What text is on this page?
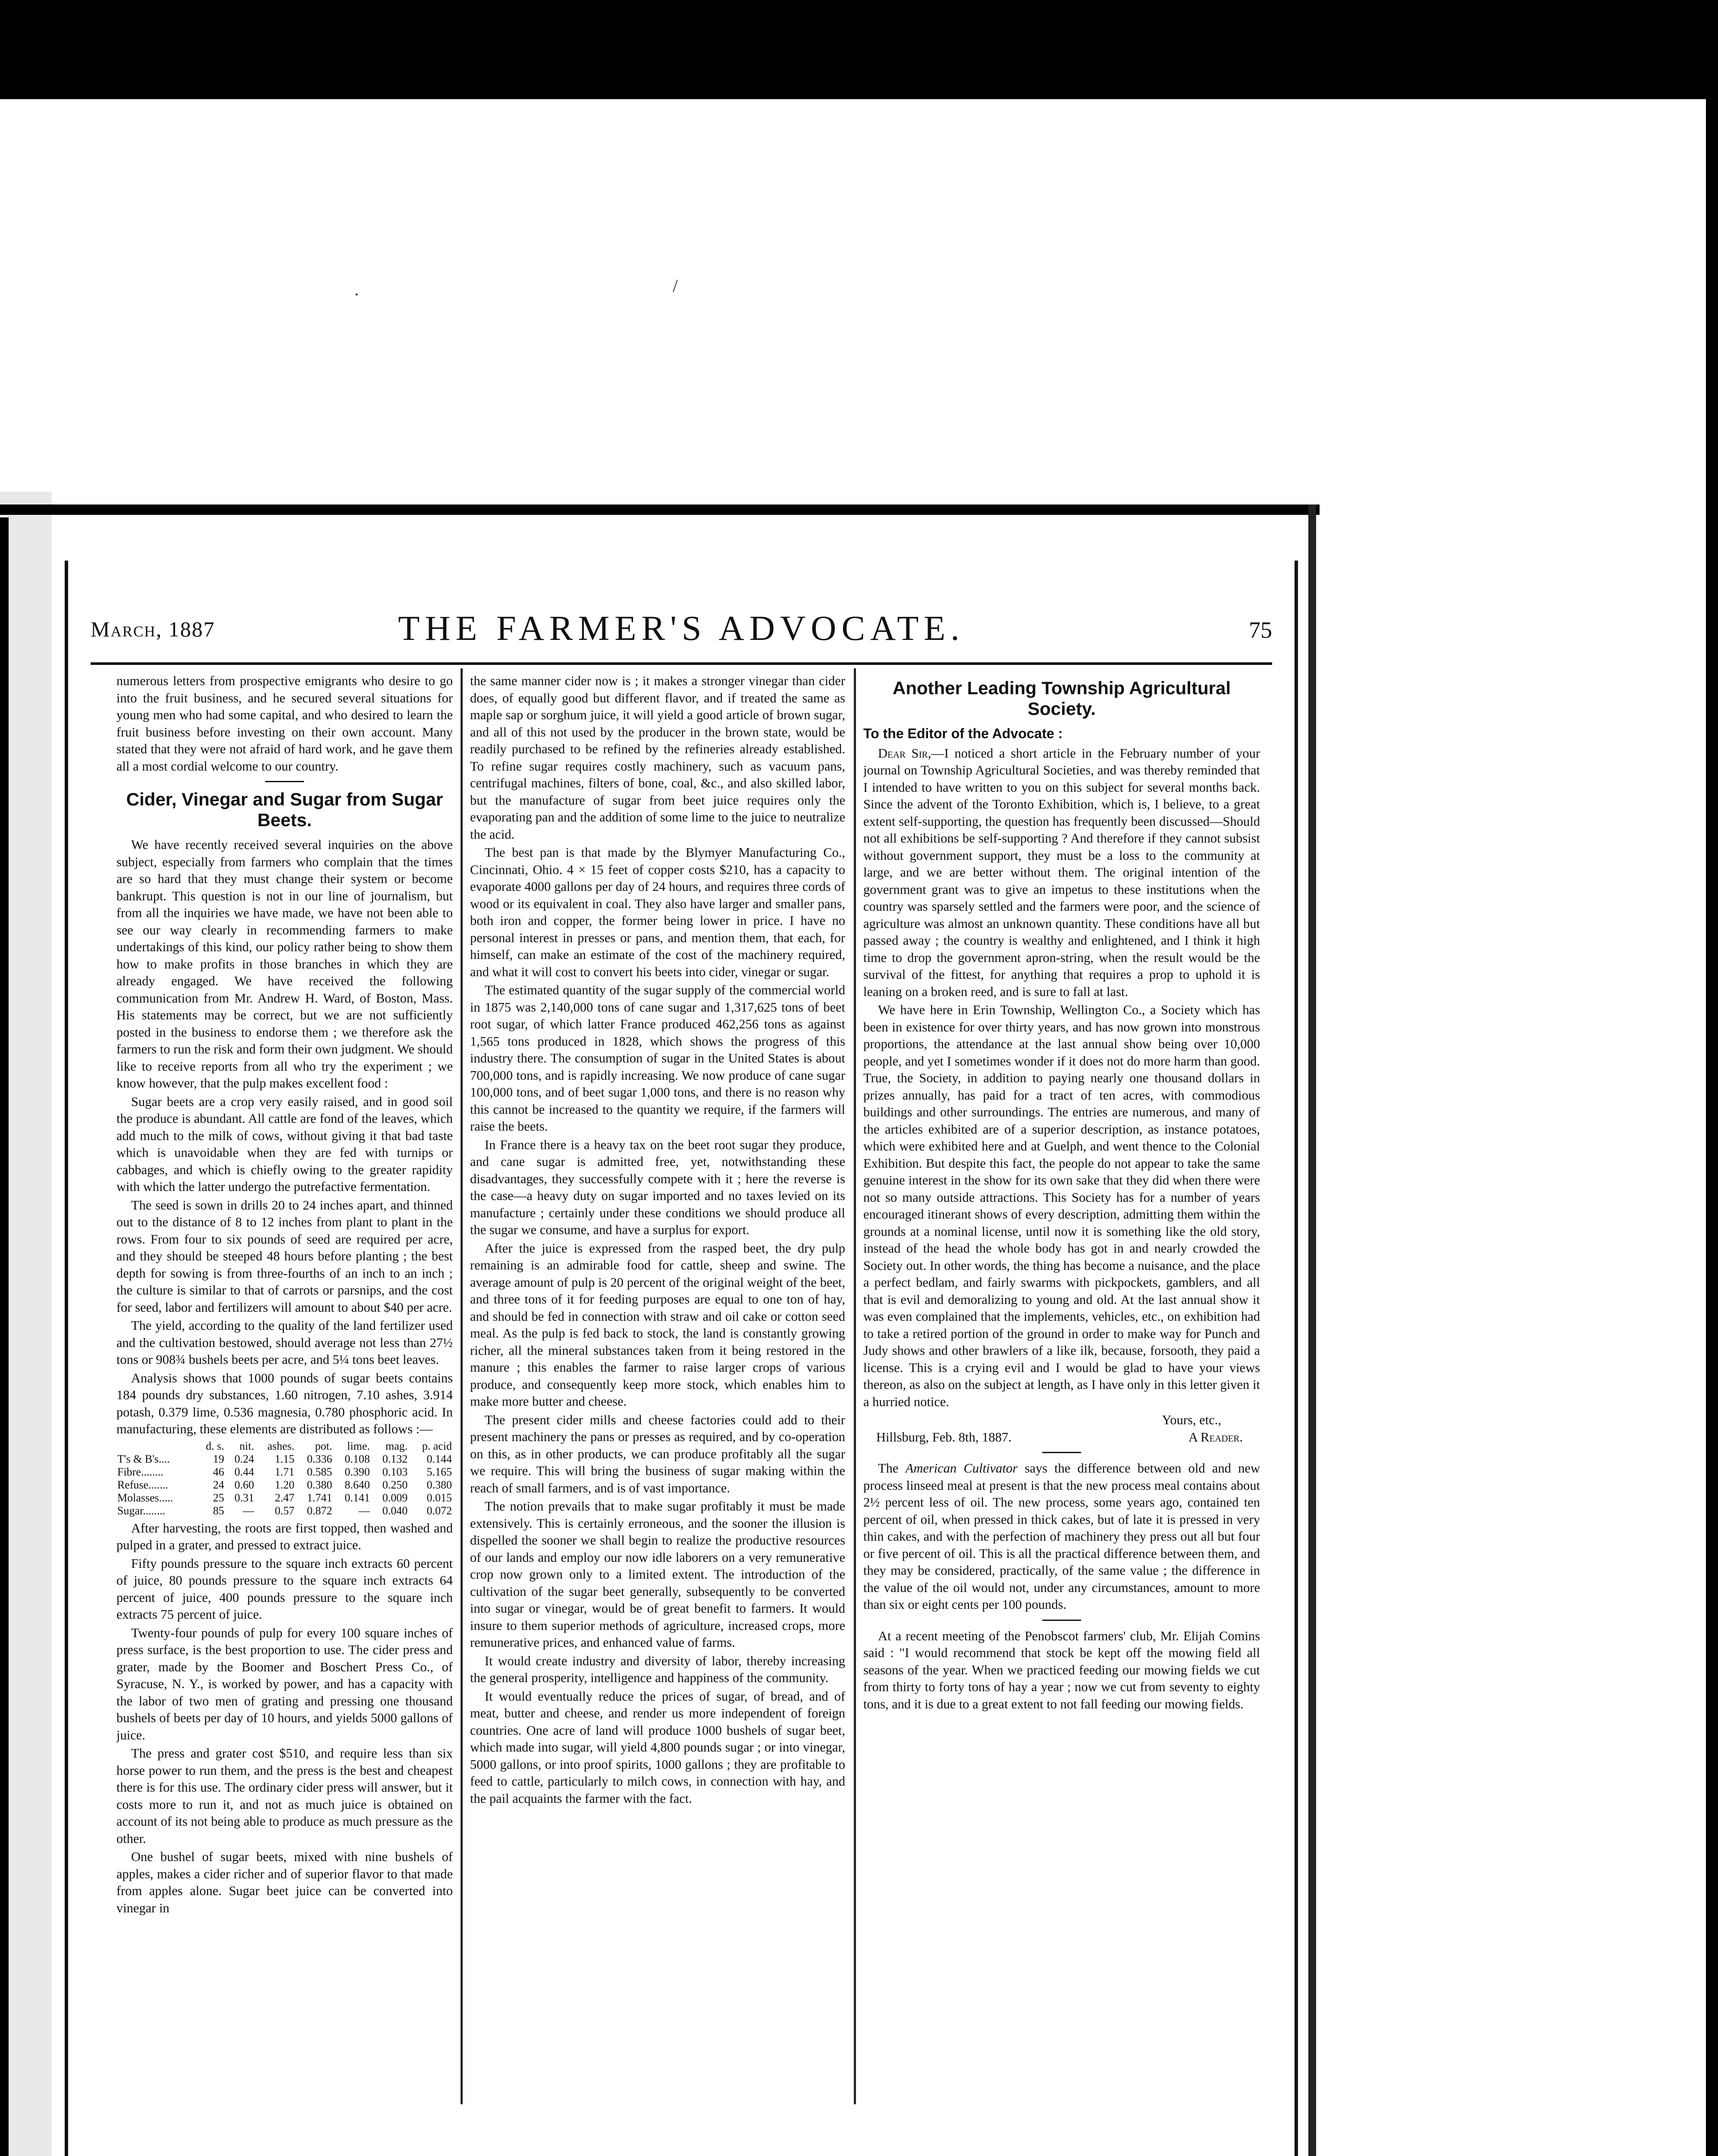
·	/
THE FARMER'S ADVOCATE.
March, 1887	75

numerous letters from prospective emigrants who desire to go into the fruit business, and he secured several situations for young men who had some capital, and who desired to learn the fruit business before investing on their own account. Many stated that they were not afraid of hard work, and he gave them all a most cordial welcome to our country.

Cider, Vinegar and Sugar from Sugar Beets.

We have recently received several inquiries on the above subject, especially from farmers who complain that the times are so hard that they must change their system or become bankrupt. This question is not in our line of journalism, but from all the inquiries we have made, we have not been able to see our way clearly in recommending farmers to make undertakings of this kind, our policy rather being to show them how to make profits in those branches in which they are already engaged. We have received the following communication from Mr. Andrew H. Ward, of Boston, Mass. His statements may be correct, but we are not sufficiently posted in the business to endorse them ; we therefore ask the farmers to run the risk and form their own judgment. We should like to receive reports from all who try the experiment ; we know however, that the pulp makes excellent food :

Sugar beets are a crop very easily raised, and in good soil the produce is abundant. All cattle are fond of the leaves, which add much to the milk of cows, without giving it that bad taste which is unavoidable when they are fed with turnips or cabbages, and which is chiefly owing to the greater rapidity with which the latter undergo the putrefactive fermentation.

The seed is sown in drills 20 to 24 inches apart, and thinned out to the distance of 8 to 12 inches from plant to plant in the rows. From four to six pounds of seed are required per acre, and they should be steeped 48 hours before planting ; the best depth for sowing is from three-fourths of an inch to an inch ; the culture is similar to that of carrots or parsnips, and the cost for seed, labor and fertilizers will amount to about $40 per acre.

The yield, according to the quality of the land fertilizer used and the cultivation bestowed, should average not less than 27½ tons or 908¾ bushels beets per acre, and 5¼ tons beet leaves.

Analysis shows that 1000 pounds of sugar beets contains 184 pounds dry substances, 1.60 nitrogen, 7.10 ashes, 3.914 potash, 0.379 lime, 0.536 magnesia, 0.780 phosphoric acid. In manufacturing, these elements are distributed as follows :—

	d. s.	nit.	ashes.	pot.	lime.	mag.	p. acid
T's & B's....	19	0.24	1.15	0.336	0.108	0.132	0.144
Fibre........	46	0.44	1.71	0.585	0.390	0.103	5.165
Refuse.......	24	0.60	1.20	0.380	8.640	0.250	0.380
Molasses.....	25	0.31	2.47	1.741	0.141	0.009	0.015
Sugar........	85	—	0.57	0.872	—	0.040	0.072

After harvesting, the roots are first topped, then washed and pulped in a grater, and pressed to extract juice.

Fifty pounds pressure to the square inch extracts 60 percent of juice, 80 pounds pressure to the square inch extracts 64 percent of juice, 400 pounds pressure to the square inch extracts 75 percent of juice.

Twenty-four pounds of pulp for every 100 square inches of press surface, is the best proportion to use. The cider press and grater, made by the Boomer and Boschert Press Co., of Syracuse, N. Y., is worked by power, and has a capacity with the labor of two men of grating and pressing one thousand bushels of beets per day of 10 hours, and yields 5000 gallons of juice.

The press and grater cost $510, and require less than six horse power to run them, and the press is the best and cheapest there is for this use. The ordinary cider press will answer, but it costs more to run it, and not as much juice is obtained on account of its not being able to produce as much pressure as the other.

One bushel of sugar beets, mixed with nine bushels of apples, makes a cider richer and of superior flavor to that made from apples alone. Sugar beet juice can be converted into vinegar in

the same manner cider now is ; it makes a stronger vinegar than cider does, of equally good but different flavor, and if treated the same as maple sap or sorghum juice, it will yield a good article of brown sugar, and all of this not used by the producer in the brown state, would be readily purchased to be refined by the refineries already established. To refine sugar requires costly machinery, such as vacuum pans, centrifugal machines, filters of bone, coal, &c., and also skilled labor, but the manufacture of sugar from beet juice requires only the evaporating pan and the addition of some lime to the juice to neutralize the acid.

The best pan is that made by the Blymyer Manufacturing Co., Cincinnati, Ohio. 4 × 15 feet of copper costs $210, has a capacity to evaporate 4000 gallons per day of 24 hours, and requires three cords of wood or its equivalent in coal. They also have larger and smaller pans, both iron and copper, the former being lower in price. I have no personal interest in presses or pans, and mention them, that each, for himself, can make an estimate of the cost of the machinery required, and what it will cost to convert his beets into cider, vinegar or sugar.

The estimated quantity of the sugar supply of the commercial world in 1875 was 2,140,000 tons of cane sugar and 1,317,625 tons of beet root sugar, of which latter France produced 462,256 tons as against 1,565 tons produced in 1828, which shows the progress of this industry there. The consumption of sugar in the United States is about 700,000 tons, and is rapidly increasing. We now produce of cane sugar 100,000 tons, and of beet sugar 1,000 tons, and there is no reason why this cannot be increased to the quantity we require, if the farmers will raise the beets.

In France there is a heavy tax on the beet root sugar they produce, and cane sugar is admitted free, yet, notwithstanding these disadvantages, they successfully compete with it ; here the reverse is the case—a heavy duty on sugar imported and no taxes levied on its manufacture ; certainly under these conditions we should produce all the sugar we consume, and have a surplus for export.

After the juice is expressed from the rasped beet, the dry pulp remaining is an admirable food for cattle, sheep and swine. The average amount of pulp is 20 percent of the original weight of the beet, and three tons of it for feeding purposes are equal to one ton of hay, and should be fed in connection with straw and oil cake or cotton seed meal. As the pulp is fed back to stock, the land is constantly growing richer, all the mineral substances taken from it being restored in the manure ; this enables the farmer to raise larger crops of various produce, and consequently keep more stock, which enables him to make more butter and cheese.

The present cider mills and cheese factories could add to their present machinery the pans or presses as required, and by co-operation on this, as in other products, we can produce profitably all the sugar we require. This will bring the business of sugar making within the reach of small farmers, and is of vast importance.

The notion prevails that to make sugar profitably it must be made extensively. This is certainly erroneous, and the sooner the illusion is dispelled the sooner we shall begin to realize the productive resources of our lands and employ our now idle laborers on a very remunerative crop now grown only to a limited extent. The introduction of the cultivation of the sugar beet generally, subsequently to be converted into sugar or vinegar, would be of great benefit to farmers. It would insure to them superior methods of agriculture, increased crops, more remunerative prices, and enhanced value of farms.

It would create industry and diversity of labor, thereby increasing the general prosperity, intelligence and happiness of the community.

It would eventually reduce the prices of sugar, of bread, and of meat, butter and cheese, and render us more independent of foreign countries. One acre of land will produce 1000 bushels of sugar beet, which made into sugar, will yield 4,800 pounds sugar ; or into vinegar, 5000 gallons, or into proof spirits, 1000 gallons ; they are profitable to feed to cattle, particularly to milch cows, in connection with hay, and the pail acquaints the farmer with the fact.

Another Leading Township Agricultural Society.
To the Editor of the Advocate :

Dear Sir,—I noticed a short article in the February number of your journal on Township Agricultural Societies, and was thereby reminded that I intended to have written to you on this subject for several months back. Since the advent of the Toronto Exhibition, which is, I believe, to a great extent self-supporting, the question has frequently been discussed—Should not all exhibitions be self-supporting ? And therefore if they cannot subsist without government support, they must be a loss to the community at large, and we are better without them. The original intention of the government grant was to give an impetus to these institutions when the country was sparsely settled and the farmers were poor, and the science of agriculture was almost an unknown quantity. These conditions have all but passed away ; the country is wealthy and enlightened, and I think it high time to drop the government apron-string, when the result would be the survival of the fittest, for anything that requires a prop to uphold it is leaning on a broken reed, and is sure to fall at last.

We have here in Erin Township, Wellington Co., a Society which has been in existence for over thirty years, and has now grown into monstrous proportions, the attendance at the last annual show being over 10,000 people, and yet I sometimes wonder if it does not do more harm than good. True, the Society, in addition to paying nearly one thousand dollars in prizes annually, has paid for a tract of ten acres, with commodious buildings and other surroundings. The entries are numerous, and many of the articles exhibited are of a superior description, as instance potatoes, which were exhibited here and at Guelph, and went thence to the Colonial Exhibition. But despite this fact, the people do not appear to take the same genuine interest in the show for its own sake that they did when there were not so many outside attractions. This Society has for a number of years encouraged itinerant shows of every description, admitting them within the grounds at a nominal license, until now it is something like the old story, instead of the head the whole body has got in and nearly crowded the Society out. In other words, the thing has become a nuisance, and the place a perfect bedlam, and fairly swarms with pickpockets, gamblers, and all that is evil and demoralizing to young and old. At the last annual show it was even complained that the implements, vehicles, etc., on exhibition had to take a retired portion of the ground in order to make way for Punch and Judy shows and other brawlers of a like ilk, because, forsooth, they paid a license. This is a crying evil and I would be glad to have your views thereon, as also on the subject at length, as I have only in this letter given it a hurried notice.

Yours, etc.,
Hillsburg, Feb. 8th, 1887.	A Reader.

The American Cultivator says the difference between old and new process linseed meal at present is that the new process meal contains about 2½ percent less of oil. The new process, some years ago, contained ten percent of oil, when pressed in thick cakes, but of late it is pressed in very thin cakes, and with the perfection of machinery they press out all but four or five percent of oil. This is all the practical difference between them, and they may be considered, practically, of the same value ; the difference in the value of the oil would not, under any circumstances, amount to more than six or eight cents per 100 pounds.

At a recent meeting of the Penobscot farmers' club, Mr. Elijah Comins said : "I would recommend that stock be kept off the mowing field all seasons of the year. When we practiced feeding our mowing fields we cut from thirty to forty tons of hay a year ; now we cut from seventy to eighty tons, and it is due to a great extent to not fall feeding our mowing fields.
